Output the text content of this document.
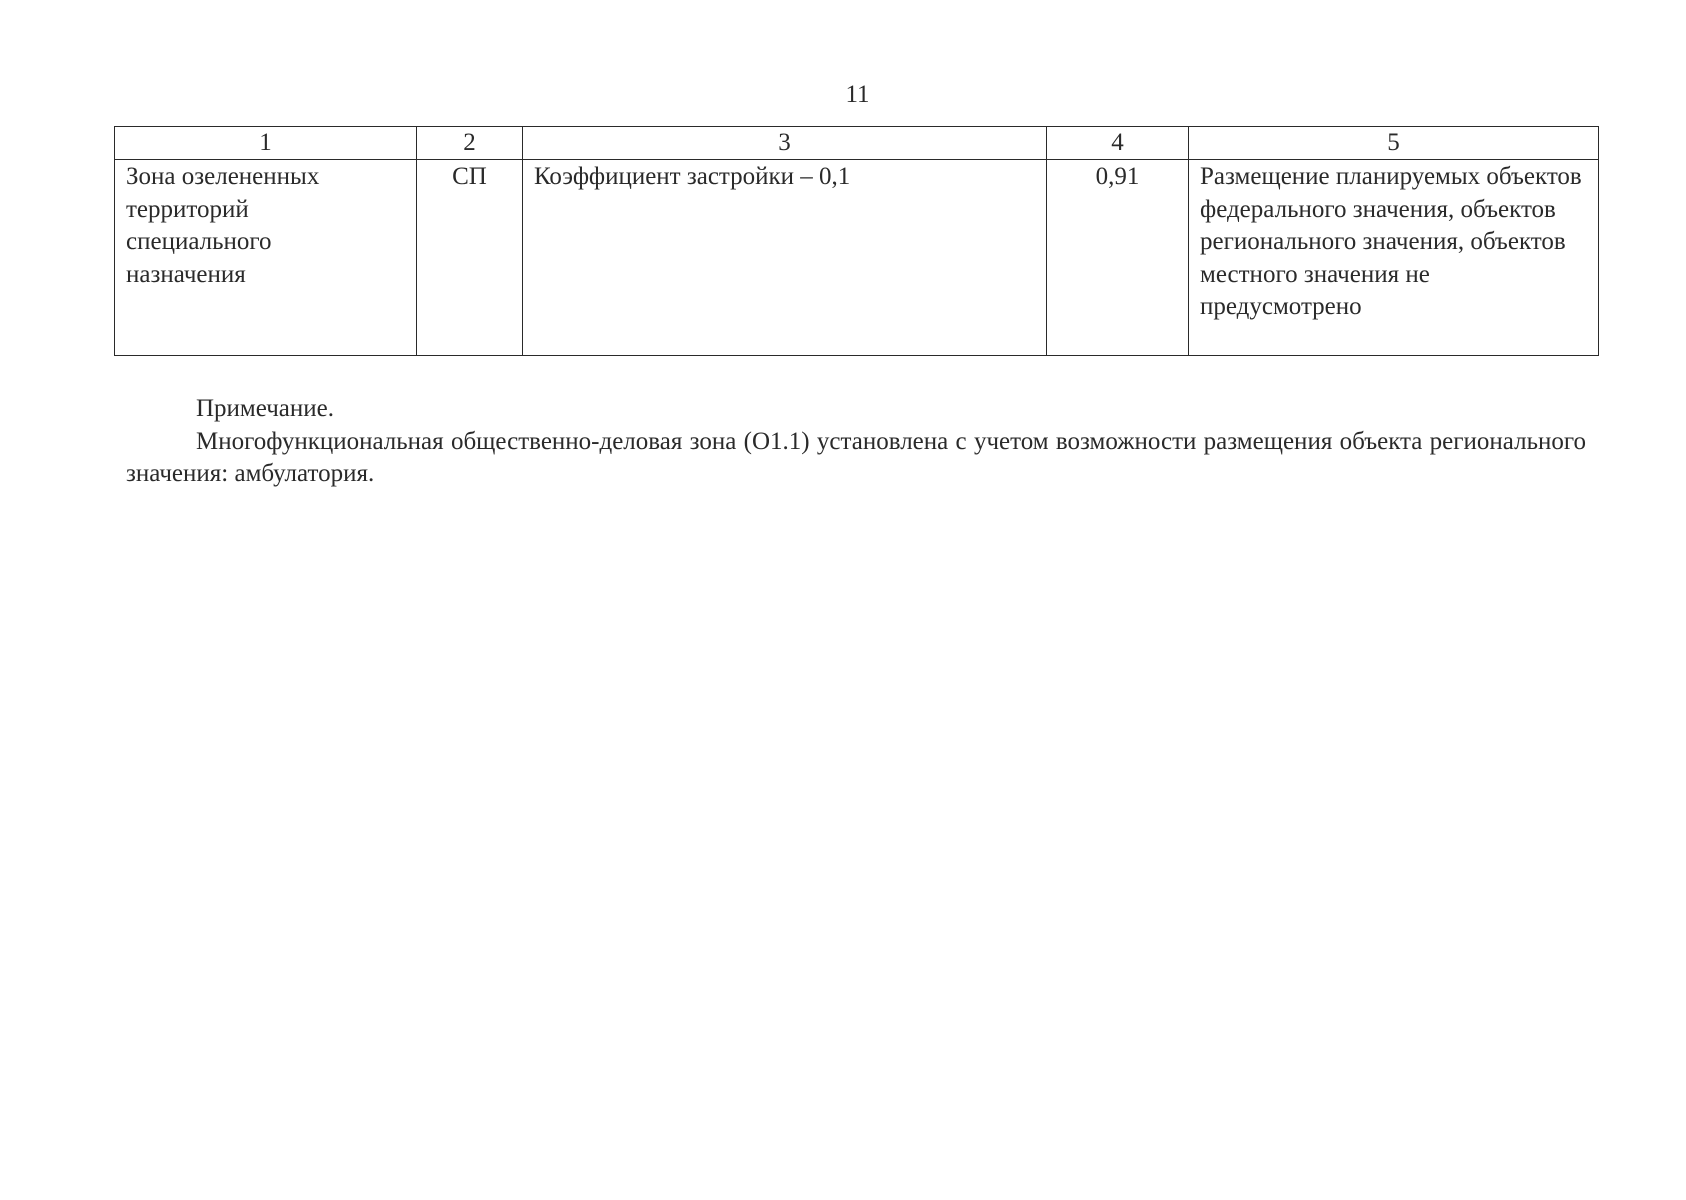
11
1	2	3	4	5
Зона озелененных территорий специального назначения	СП	Коэффициент застройки – 0,1	0,91	Размещение планируемых объектов федерального значения, объектов регионального значения, объектов местного значения не предусмотрено

Примечание.

Многофункциональная общественно-деловая зона (О1.1) установлена с учетом возможности размещения объекта регионального значения: амбулатория.
